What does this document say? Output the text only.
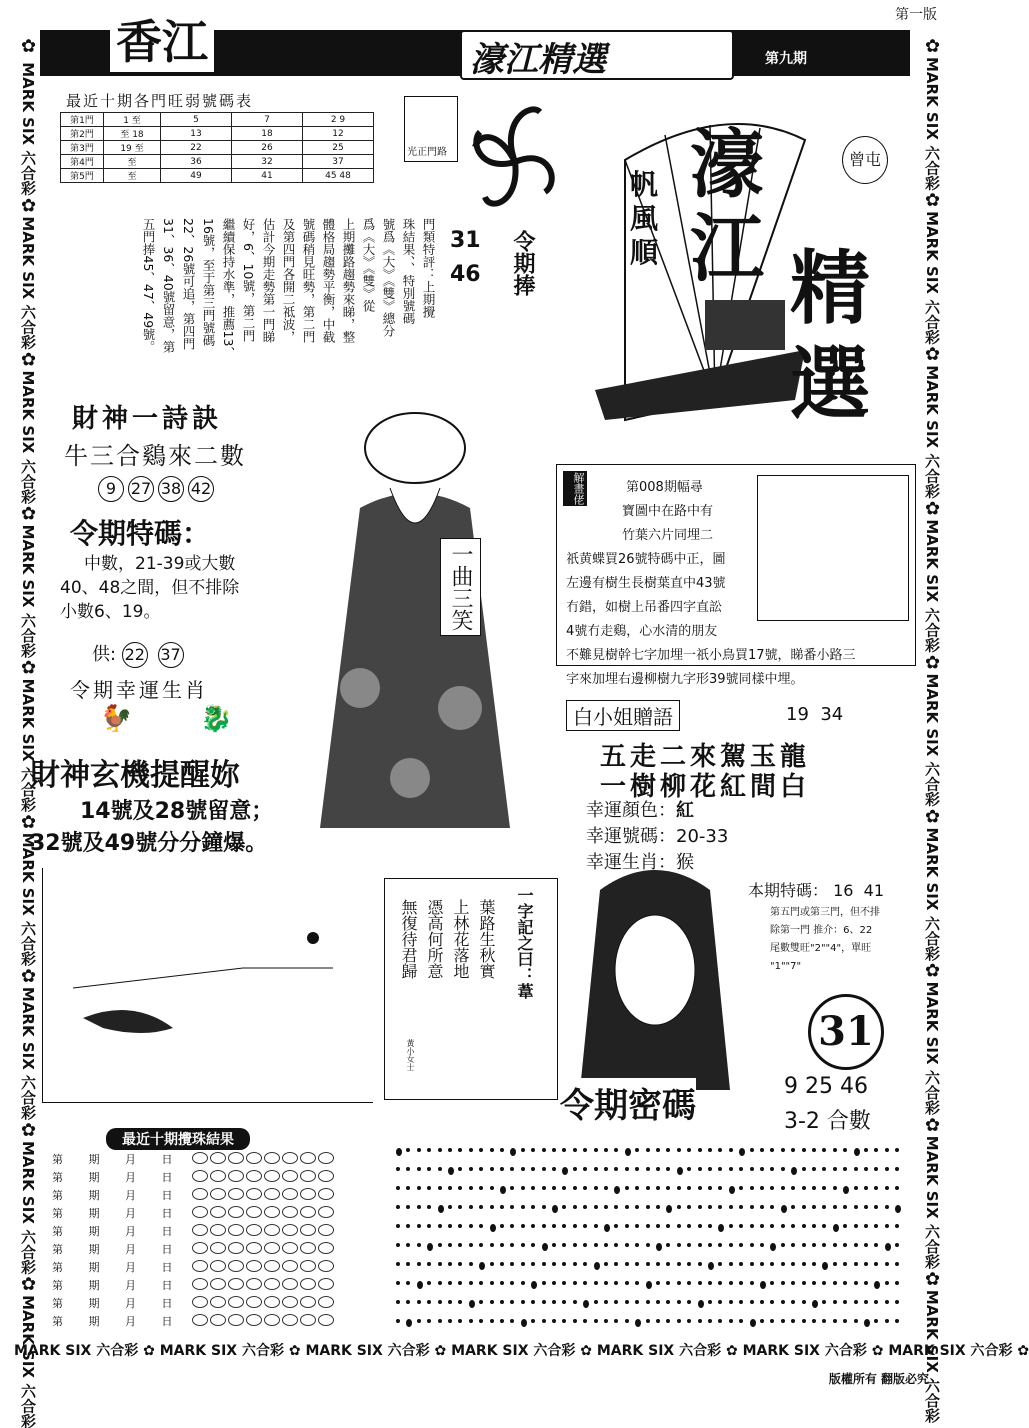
第一版
香江	濠江精選	第九期
✿ MARK SIX 六合彩✿MARK SIX 六合彩✿MARK SIX 六合彩✿MARK SIX 六合彩✿MARK SIX 六合彩✿MARK SIX 六合彩✿MARK SIX 六合彩✿MARK SIX 六合彩✿MARK SIX 六合彩
✿MARK SIX 六合彩✿MARK SIX 六合彩✿MARK SIX 六合彩✿MARK SIX 六合彩✿MARK SIX 六合彩✿MARK SIX 六合彩✿MARK SIX 六合彩✿MARK SIX 六合彩✿MARK SIX 六合彩
MARK SIX 六合彩 ✿ MARK SIX 六合彩 ✿ MARK SIX 六合彩 ✿ MARK SIX 六合彩 ✿ MARK SIX 六合彩 ✿ MARK SIX 六合彩 ✿ MARK SIX 六合彩 ✿
版權所有 翻版必究
最近十期各門旺弱號碼表
第1門	1 至	5	7	2 9
第2門	至 18	13	18	12
第3門	19 至	22	26	25
第4門	至	36	32	37
第5門	至	49	41	45 48
光正門路
31
46 令期捧
門類特評：上期攪
珠結果、、特別號碼
號爲《大》《雙》總分
爲《大》《雙》從
上期攤路趨勢來睇，整
體格局趨勢平衡，中截
號碼稍見旺勢，第二門
及第四門各開二祗波，
估計今期走勢第一門睇
好，6、10號，第二門
繼續保持水準，推薦13、
16號，至于第三門號碼
22、26號可追，第四門
31、36、40號留意，第
五門捧45、47、49號。
濠
江 精
選
帆
風
順
曾屯
財神一詩訣
牛三合鷄來二數
9 27 38 42
令期特碼：
中數，21-39或大數
40、48之間，但不排除
小數6、19。
供: 22 37
令期幸運生肖
🐓	🐉
財神玄機提醒妳
14號及28號留意；
32號及49號分分鐘爆。
一曲三笑
解畫佬	第008期幅尋
寶圖中在路中有
竹葉六片同埋二
祇黄蝶買26號特碼中正，圖
左邊有樹生長樹葉直中43號
冇錯，如樹上吊番四字直訟
4號冇走鷄，心水清的朋友
不難見樹幹七字加埋一祇小鳥買17號，睇番小路三
字來加埋右邊柳樹九字形39號同樣中埋。
白小姐贈語	19  34
五走二來駕玉龍
一樹柳花紅間白
幸運顏色：紅
幸運號碼：20-33
幸運生肖：猴
一字記之曰：葦
葉路生秋實
上林花落地
憑高何所意
無復待君歸
黃小女士
本期特碼： 16  41
第五門或第三門，但不排
除第一門 推介：6、22
尾數雙旺"2""4"，單旺
"1""7"
31
令期密碼	9 25 46
3-2 合數
最近十期攪珠結果
第 期 月 日
第 期 月 日
第 期 月 日
第 期 月 日
第 期 月 日
第 期 月 日
第 期 月 日
第 期 月 日
第 期 月 日
第 期 月 日
